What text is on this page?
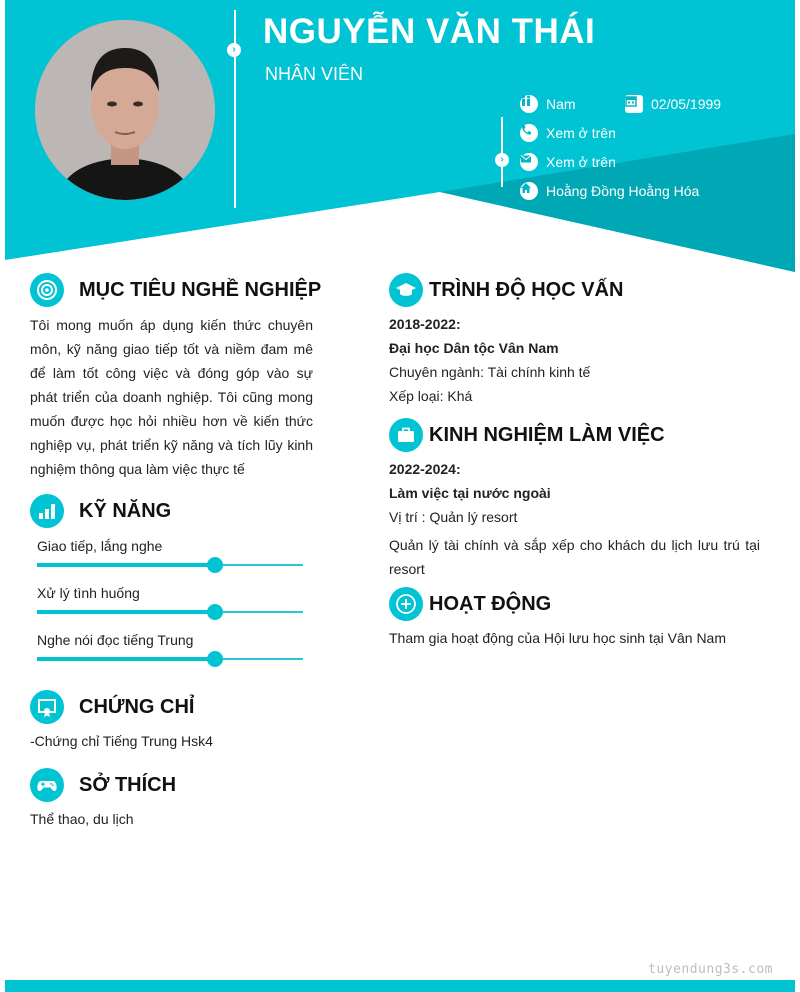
› NGUYỄN VĂN THÁI
NHÂN VIÊN
›
Nam	02/05/1999
Xem ở trên
Xem ở trên
Hoằng Đồng Hoằng Hóa
MỤC TIÊU NGHỀ NGHIỆP
Tôi mong muốn áp dụng kiến thức chuyên môn, kỹ năng giao tiếp tốt và niềm đam mê để làm tốt công việc và đóng góp vào sự phát triển của doanh nghiệp. Tôi cũng mong muốn được học hỏi nhiều hơn về kiến thức nghiệp vụ, phát triển kỹ năng và tích lũy kinh nghiệm thông qua làm việc thực tế
KỸ NĂNG
Giao tiếp, lắng nghe
Xử lý tình huống
Nghe nói đọc tiếng Trung
CHỨNG CHỈ
-Chứng chỉ Tiếng Trung Hsk4
SỞ THÍCH
Thể thao, du lịch
TRÌNH ĐỘ HỌC VẤN
2018-2022:
Đại học Dân tộc Vân Nam
Chuyên ngành: Tài chính kinh tế
Xếp loại: Khá
KINH NGHIỆM LÀM VIỆC
2022-2024:
Làm việc tại nước ngoài
Vị trí : Quản lý resort
Quản lý tài chính và sắp xếp cho khách du lịch lưu trú tại resort
HOẠT ĐỘNG
Tham gia hoạt động của Hội lưu học sinh tại Vân Nam
tuyendung3s.com
